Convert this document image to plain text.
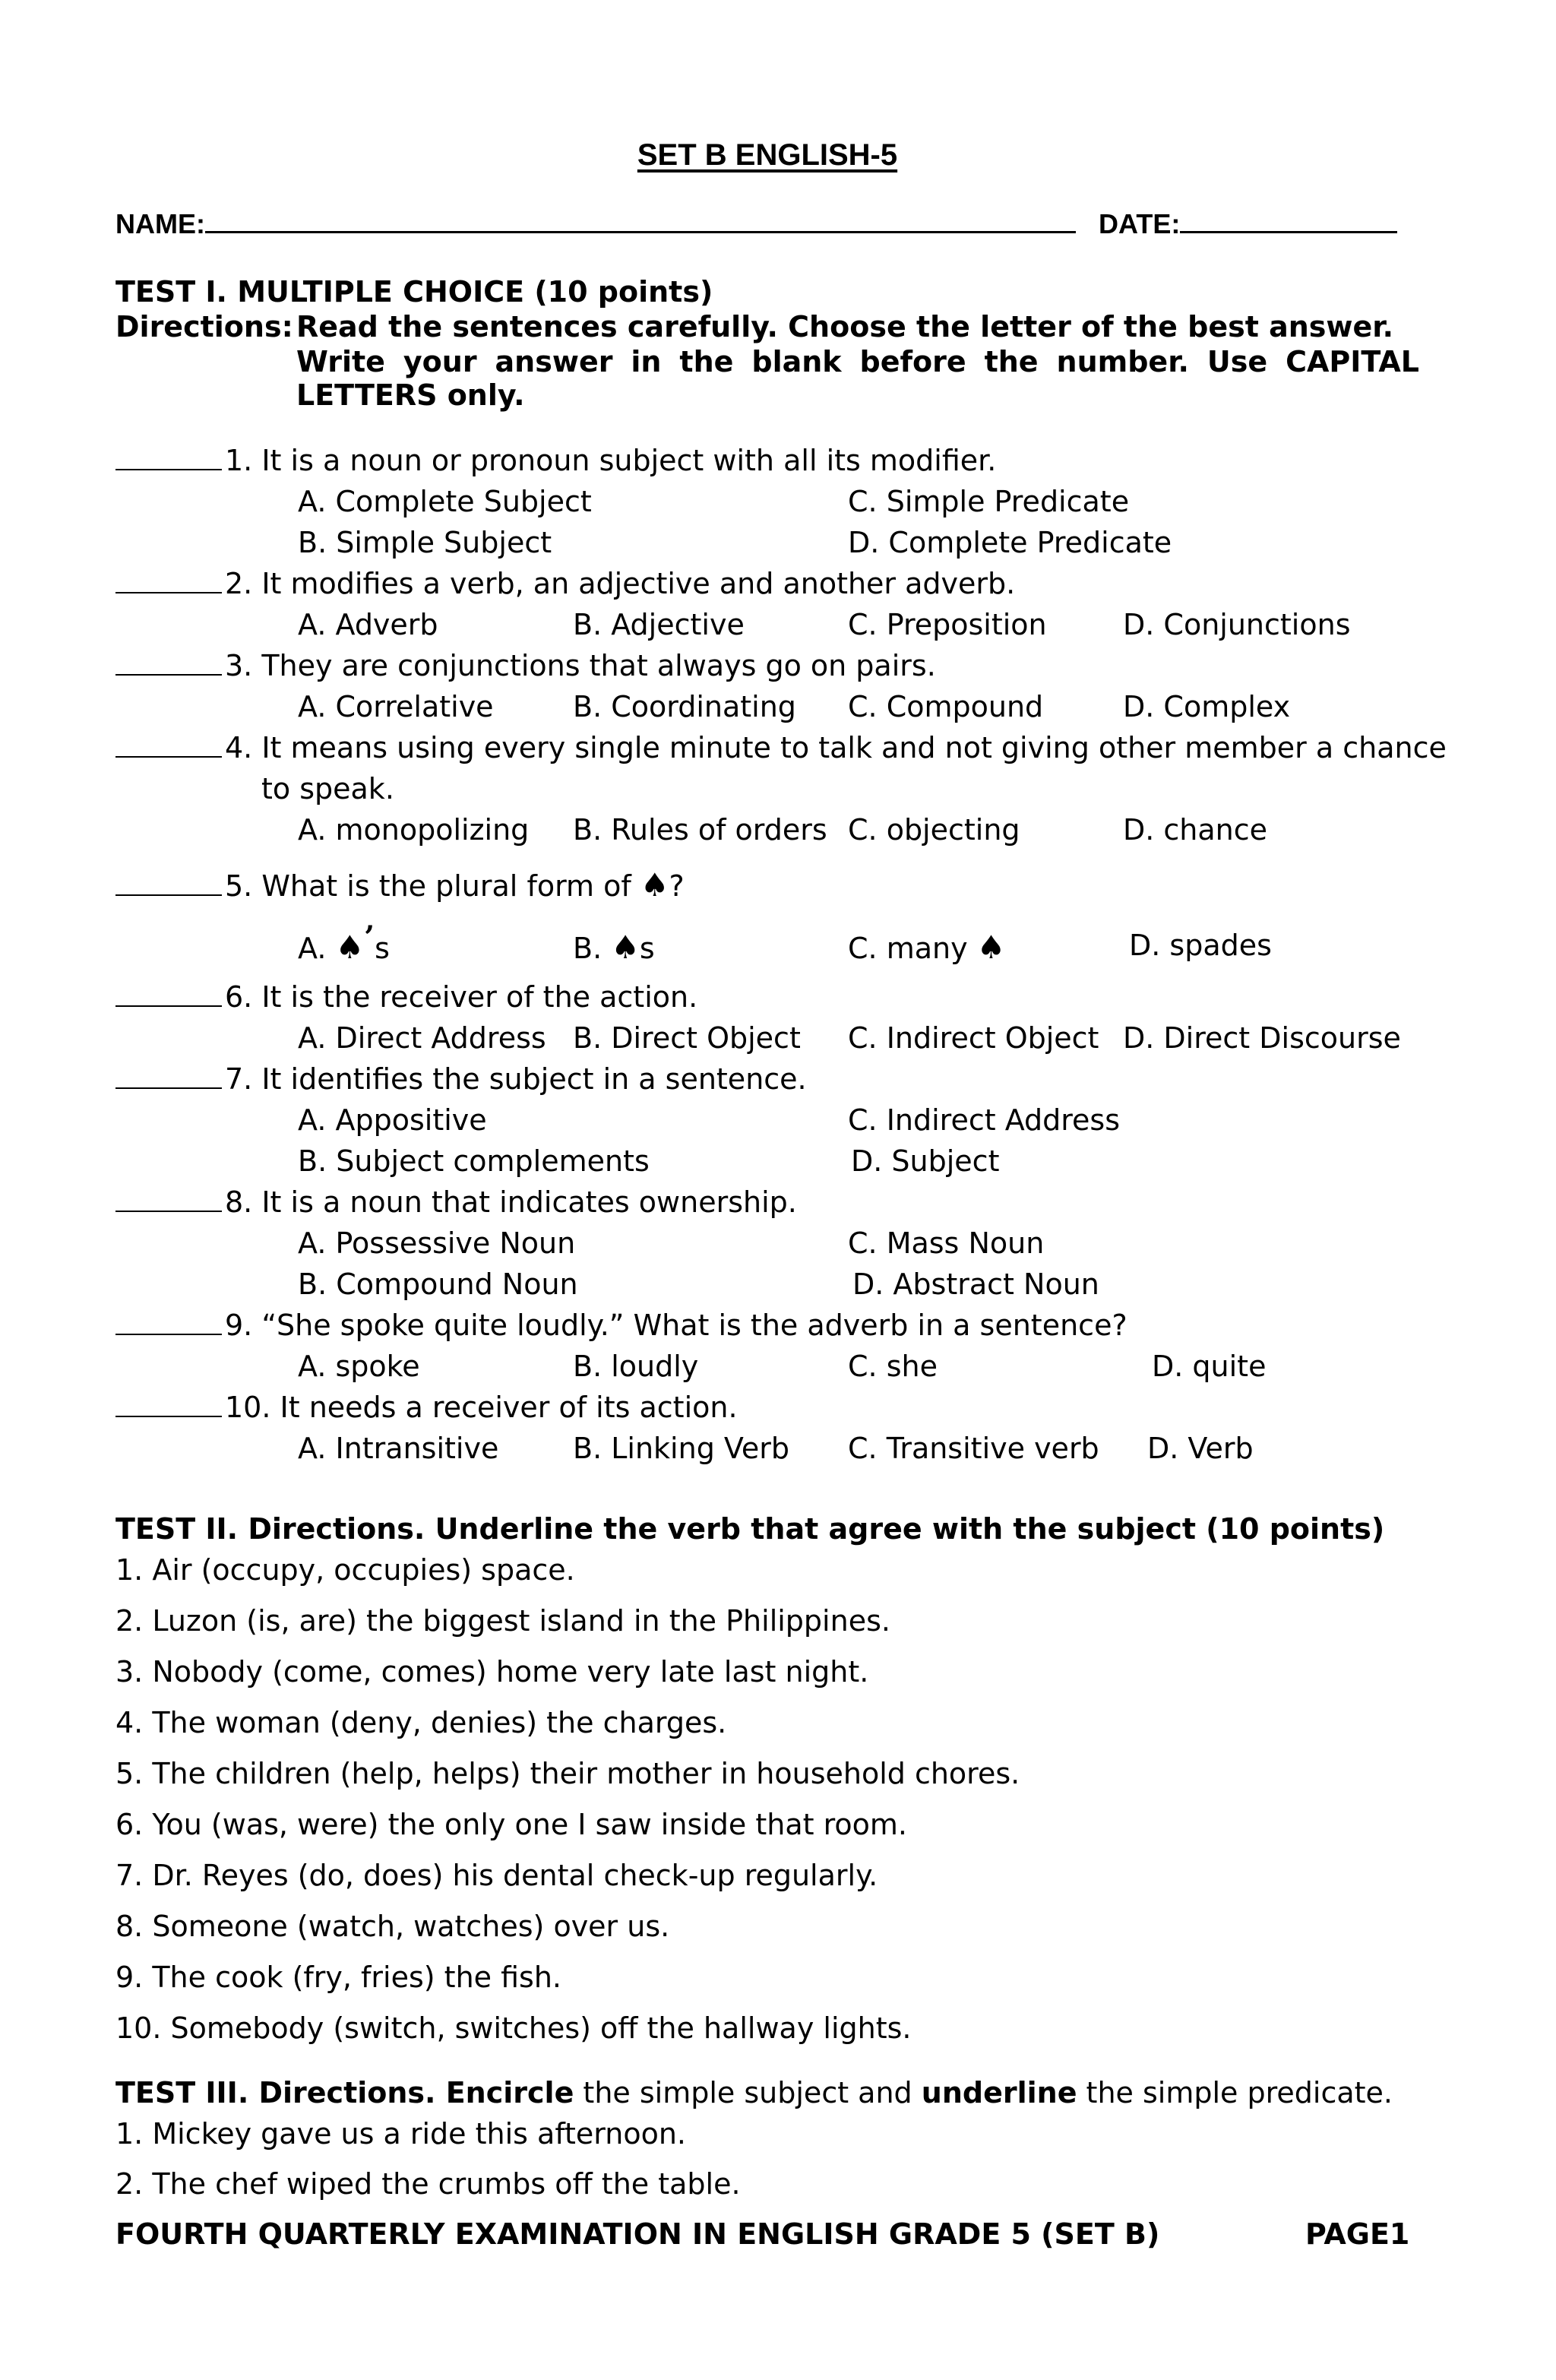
SET B ENGLISH-5
NAME:	DATE:
TEST I. MULTIPLE CHOICE (10 points)
Directions: Read the sentences carefully. Choose the letter of the best answer.
Write your answer in the blank before the number. Use CAPITAL
LETTERS only.
1. It is a noun or pronoun subject with all its modifier.
A. Complete Subject	C. Simple Predicate
B. Simple Subject	D. Complete Predicate
2. It modifies a verb, an adjective and another adverb.
A. Adverb	B. Adjective	C. Preposition	D. Conjunctions
3. They are conjunctions that always go on pairs.
A. Correlative	B. Coordinating C. Compound	D. Complex
4. It means using every single minute to talk and not giving other member a chance
to speak.
A. monopolizing B. Rules of orders C. objecting	D. chance
5. What is the plural form of ♠?
A. ♠’s	B. ♠s	C. many ♠	D. spades
6. It is the receiver of the action.
A. Direct Address B. Direct Object C. Indirect Object D. Direct Discourse
7. It identifies the subject in a sentence.
A. Appositive	C. Indirect Address
B. Subject complements	D. Subject
8. It is a noun that indicates ownership.
A. Possessive Noun	C. Mass Noun
B. Compound Noun	D. Abstract Noun
9. “She spoke quite loudly.” What is the adverb in a sentence?
A. spoke	B. loudly	C. she	D. quite
10. It needs a receiver of its action.
A. Intransitive	B. Linking Verb C. Transitive verb D. Verb
TEST II. Directions. Underline the verb that agree with the subject (10 points)
1. Air (occupy, occupies) space.
2. Luzon (is, are) the biggest island in the Philippines.
3. Nobody (come, comes) home very late last night.
4. The woman (deny, denies) the charges.
5. The children (help, helps) their mother in household chores.
6. You (was, were) the only one I saw inside that room.
7. Dr. Reyes (do, does) his dental check-up regularly.
8. Someone (watch, watches) over us.
9. The cook (fry, fries) the fish.
10. Somebody (switch, switches) off the hallway lights.
TEST III. Directions. Encircle the simple subject and underline the simple predicate.
1. Mickey gave us a ride this afternoon.
2. The chef wiped the crumbs off the table.
FOURTH QUARTERLY EXAMINATION IN ENGLISH GRADE 5 (SET B)	PAGE1
